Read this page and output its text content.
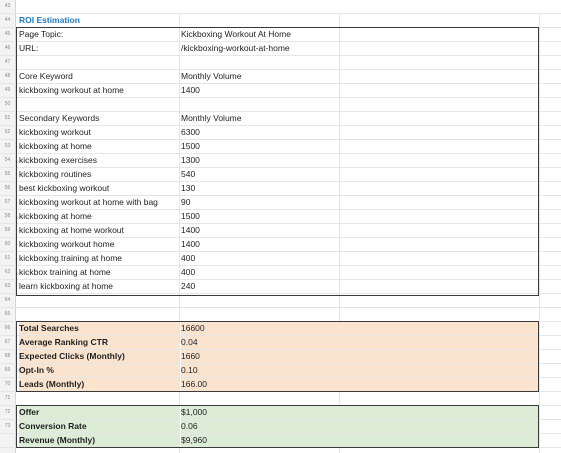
43
44	ROI Estimation
45	Page Topic:	Kickboxing Workout At Home
46	URL:	/kickboxing-workout-at-home
47
48	Core Keyword	Monthly Volume
49	kickboxing workout at home	1400
50
51	Secondary Keywords	Monthly Volume
52	kickboxing workout	6300
53	kickboxing at home	1500
54	kickboxing exercises	1300
55	kickboxing routines	540
56	best kickboxing workout	130
57	kickboxing workout at home with bag	90
58	kickboxing at home	1500
59	kickboxing at home workout	1400
60	kickboxing workout home	1400
61	kickboxing training at home	400
62	kickbox training at home	400
63	learn kickboxing at home	240
64
65
66	Total Searches	16600
67	Average Ranking CTR	0.04
68	Expected Clicks (Monthly)	1660
69	Opt-In %	0.10
70	Leads (Monthly)	166.00
71
72	Offer	$1,000
73	Conversion Rate	0.06
Revenue (Monthly)	$9,960
